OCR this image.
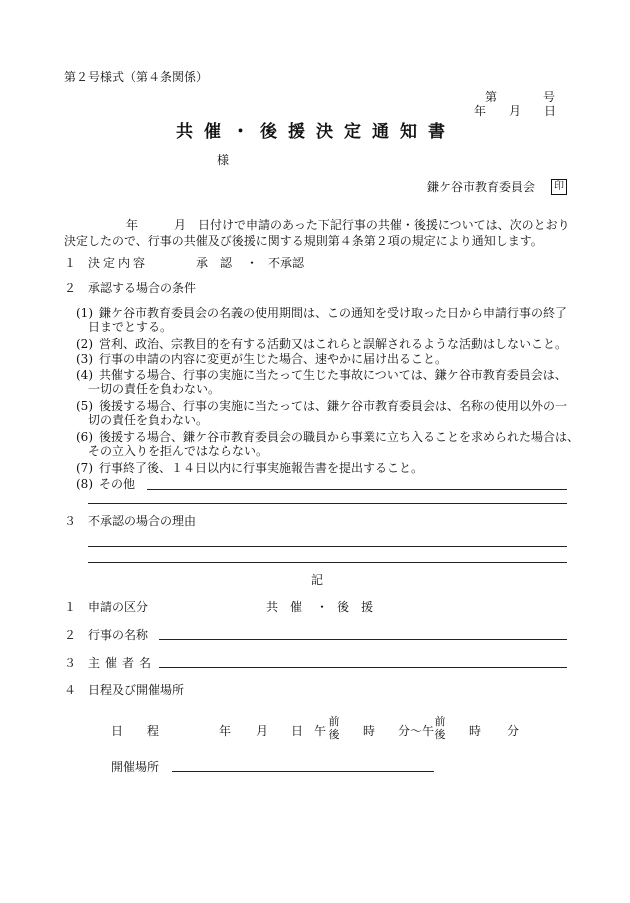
第２号様式（第４条関係）
第	号
年 月 日
共催・後援決定通知書
様
鎌ケ谷市教育委員会	印
年	月 日付けで申請のあった下記行事の共催・後援については、次のとおり
決定したので、行事の共催及び後援に関する規則第４条第２項の規定により通知します。
１ 決定内容	承　認 ・ 不承認
２ 承認する場合の条件
(1) 鎌ケ谷市教育委員会の名義の使用期間は、この通知を受け取った日から申請行事の終了
日までとする。
(2) 営利、政治、宗教目的を有する活動又はこれらと誤解されるような活動はしないこと。
(3) 行事の申請の内容に変更が生じた場合、速やかに届け出ること。
(4) 共催する場合、行事の実施に当たって生じた事故については、鎌ケ谷市教育委員会は、
一切の責任を負わない。
(5) 後援する場合、行事の実施に当たっては、鎌ケ谷市教育委員会は、名称の使用以外の一
切の責任を負わない。
(6) 後援する場合、鎌ケ谷市教育委員会の職員から事業に立ち入ることを求められた場合は、
その立入りを拒んではならない。
(7) 行事終了後、１４日以内に行事実施報告書を提出すること。
(8) その他
３ 不承認の場合の理由
記
１ 申請の区分	共　催 ・ 後　援
２ 行事の名称
３ 主催者名
４ 日程及び開催場所
日　　程	年 月 日 午
前
後 時 分～午
前
後 時 分
開催場所
